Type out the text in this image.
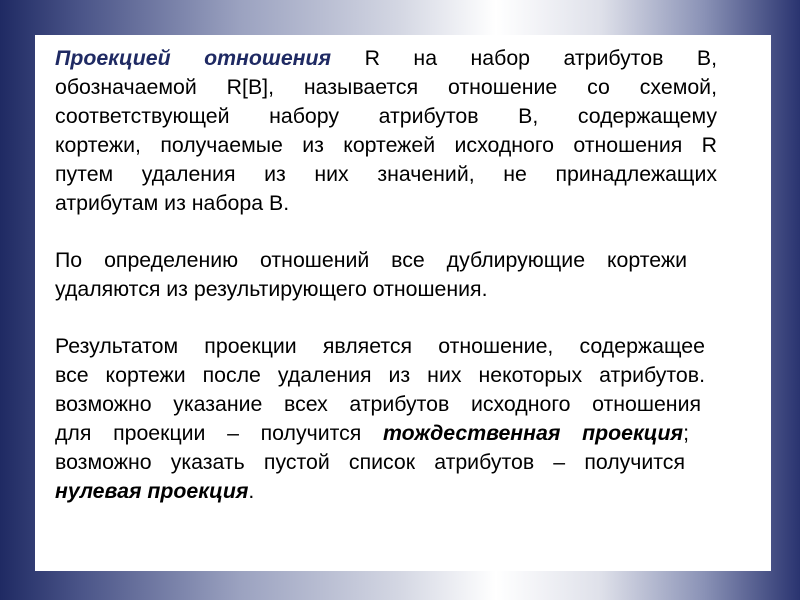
Проекцией отношения R на набор атрибутов B,
обозначаемой R[B], называется отношение со схемой,
соответствующей набору атрибутов B, содержащему
кортежи, получаемые из кортежей исходного отношения R
путем удаления из них значений, не принадлежащих
атрибутам из набора B.
По определению отношений все дублирующие кортежи
удаляются из результирующего отношения.
Результатом проекции является отношение, содержащее
все кортежи после удаления из них некоторых атрибутов.
возможно указание всех атрибутов исходного отношения
для проекции – получится тождественная проекция;
возможно указать пустой список атрибутов – получится
нулевая проекция.
